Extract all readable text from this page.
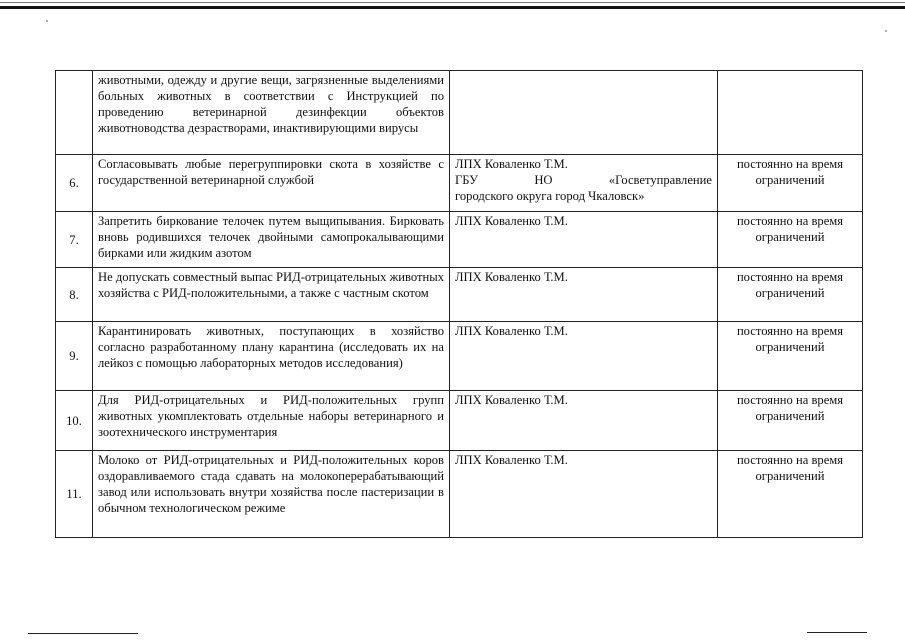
	животными, одежду и другие вещи, загрязненные выделениями больных животных в соответствии с Инструкцией по проведению ветеринарной дезинфекции объектов животноводства дезрастворами, инактивирующими вирусы		
6.	Согласовывать любые перегруппировки скота в хозяйстве с государственной ветеринарной службой	ЛПХ Коваленко Т.М.
ГБУ НО «Госветуправление
городского округа город Чкаловск»	постоянно на время ограничений
7.	Запретить биркование телочек путем выщипывания. Бирковать вновь родившихся телочек двойными самопрокалывающими бирками или жидким азотом	ЛПХ Коваленко Т.М.	постоянно на время ограничений
8.	Не допускать совместный выпас РИД-отрицательных животных хозяйства с РИД-положительными, а также с частным скотом	ЛПХ Коваленко Т.М.	постоянно на время ограничений
9.	Карантинировать животных, поступающих в хозяйство согласно разработанному плану карантина (исследовать их на лейкоз с помощью лабораторных методов исследования)	ЛПХ Коваленко Т.М.	постоянно на время ограничений
10.	Для РИД-отрицательных и РИД-положительных групп животных укомплектовать отдельные наборы ветеринарного и зоотехнического инструментария	ЛПХ Коваленко Т.М.	постоянно на время ограничений
11.	Молоко от РИД-отрицательных и РИД-положительных коров оздоравливаемого стада сдавать на молокоперерабатывающий завод или использовать внутри хозяйства после пастеризации в обычном технологическом режиме	ЛПХ Коваленко Т.М.	постоянно на время ограничений
